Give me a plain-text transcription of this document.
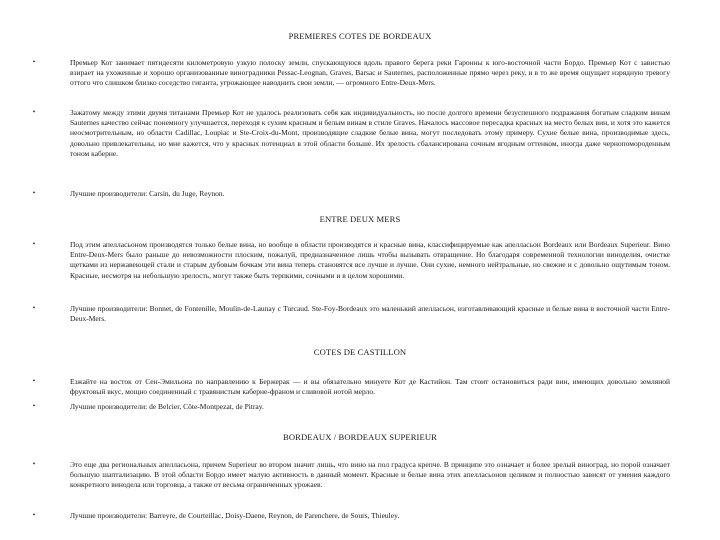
PREMIERES COTES DE BORDEAUX
•	Премьер Кот занимает пятидесяти километровую узкую полоску земли, спускающуюся вдоль правого берега реки Гаронны к юго-восточной части Бордо. Премьер Кот с завистью взирает на ухоженные и хорошо организованные виноградники Pessac-Leognan, Graves, Barsac и Sauternes, расположенные прямо через реку, и в то же время ощущает изрядную тревогу оттого что слишком близко соседство гиганта, угрожающее наводнить свои земли, — огромного Entre-Deux-Mers.
•	Зажатому между этими двумя титанами Премьер Кот не удалось реализовать себя как индивидуальность, но после долгого времени безуспешного подражания богатым сладким винам Sauternes качество сейчас понемногу улучшается, переходя к сухим красным и белым винам в стиле Graves. Началось массовое пересадка красных на место белых вин, и хотя это кажется неосмотрительным, но области Cadillac, Loupiac и Ste-Croix-du-Mont, производящие сладкие белые вина, могут последовать этому примеру. Сухие белые вина, производимые здесь, довольно привлекательны, но мне кажется, что у красных потенциал в этой области больше. Их зрелость сбалансирована сочным ягодным оттенком, иногда даже чернопомороденным тоном каберне.
•	Лучшие производители: Carsin, du Juge, Reynon.
ENTRE DEUX MERS
•	Под этим апелласьоном производятся только белые вина, но вообще в области производятся и красные вина, классифицируемые как апелласьон Bordeaux или Bordeaux Superieur. Вино Entre-Deux-Mers было раньше до невозможности плоским, пожалуй, предназначенное лишь чтобы вызывать отвращение. Но благодаря современной технологии виноделия, очистке щетками из нержавеющей стали и старым дубовым бочкам эти вина теперь становятся все лучше и лучше. Они сухие, немного нейтральные, но свежие и с довольно ощутимым тоном. Красные, несмотря на небольшую зрелость, могут также быть терпкими, сочными и в целом хорошими.
•	Лучшие производители: Bonnet, de Fontenille, Moulin-de-Launay с Turcaud. Ste-Foy-Bordeaux это маленький апелласьон, изготавливающий красные и белые вина в восточной части Entre-Deux-Mers.
COTES DE CASTILLON
•	Езжайте на восток от Сен-Эмильона по направлению к Бержерак — и вы обязательно минуете Кот де Кастийон. Там стоит остановиться ради вин, имеющих довольно земляной фруктовый вкус, мощно соединенный с травянистым каберне-франом и сливовой нотой мерло.
•	Лучшие производители: de Belcier, Côte-Montpezat, de Pitray.
BORDEAUX / BORDEAUX SUPERIEUR
•	Это еще два региональных апелласьона, причем Superieur во втором значит лишь, что вино на пол градуса крепче. В принципе это означает и более зрелый виноград, но порой означает большую шаптализацию. В этой области Бордо имеет малую активность в данный момент. Красные и белые вина этих апелласьонов целиком и полностью зависят от умения каждого конкретного винодела или торговца, а также от весьма ограниченных урожаев.
•	Лучшие производители: Barreyre, de Courteillac, Doisy-Daene, Reynon, de Parenchere, de Sours, Thieuley.
